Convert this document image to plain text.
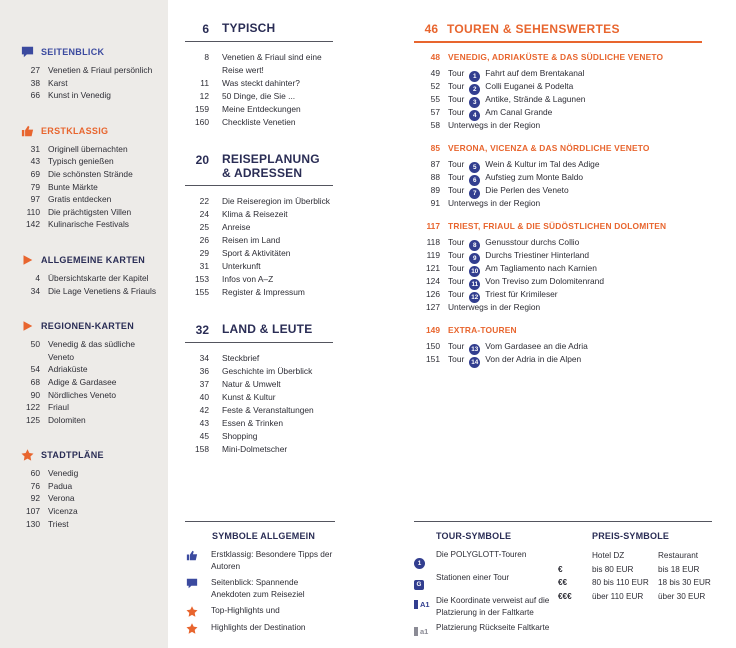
SEITENBLICK
27 Venetien & Friaul persönlich
38 Karst
66 Kunst in Venedig
ERSTKLASSIG
31 Originell übernachten
43 Typisch genießen
69 Die schönsten Strände
79 Bunte Märkte
97 Gratis entdecken
110 Die prächtigsten Villen
142 Kulinarische Festivals
ALLGEMEINE KARTEN
4 Übersichtskarte der Kapitel
34 Die Lage Venetiens & Friauls
REGIONEN-KARTEN
50 Venedig & das südliche Veneto
54 Adriaküste
68 Adige & Gardasee
90 Nördliches Veneto
122 Friaul
125 Dolomiten
STADTPLÄNE
60 Venedig
76 Padua
92 Verona
107 Vicenza
130 Triest
6 TYPISCH
8 Venetien & Friaul sind eine Reise wert!
11 Was steckt dahinter?
12 50 Dinge, die Sie ...
159 Meine Entdeckungen
160 Checkliste Venetien
20 REISEPLANUNG & ADRESSEN
22 Die Reiseregion im Überblick
24 Klima & Reisezeit
25 Anreise
26 Reisen im Land
29 Sport & Aktivitäten
31 Unterkunft
153 Infos von A–Z
155 Register & Impressum
32 LAND & LEUTE
34 Steckbrief
36 Geschichte im Überblick
37 Natur & Umwelt
40 Kunst & Kultur
42 Feste & Veranstaltungen
43 Essen & Trinken
45 Shopping
158 Mini-Dolmetscher
SYMBOLE ALLGEMEIN
Erstklassig: Besondere Tipps der Autoren
Seitenblick: Spannende Anekdoten zum Reiseziel
Top-Highlights und
Highlights der Destination
46 TOUREN & SEHENSWERTES
48 VENEDIG, ADRIAKÜSTE & DAS SÜDLICHE VENETO
49 Tour	1	Fahrt auf dem Brentakanal
52 Tour	2	Colli Euganei & Podelta
55 Tour	3	Antike, Strände & Lagunen
57 Tour	4	Am Canal Grande
58 Unterwegs in der Region
85 VERONA, VICENZA & DAS NÖRDLICHE VENETO
87 Tour	5	Wein & Kultur im Tal des Adige
88 Tour	6	Aufstieg zum Monte Baldo
89 Tour	7	Die Perlen des Veneto
91 Unterwegs in der Region
117 TRIEST, FRIAUL & DIE SÜDÖSTLICHEN DOLOMITEN
118 Tour	8	Genusstour durchs Collio
119 Tour	9	Durchs Triestiner Hinterland
121 Tour	10 Am Tagliamento nach Karnien
124 Tour	11 Von Treviso zum Dolomitenrand
126 Tour	12 Triest für Krimileser
127 Unterwegs in der Region
149 EXTRA-TOUREN
150 Tour	13 Vom Gardasee an die Adria
151 Tour	14 Von der Adria in die Alpen
TOUR-SYMBOLE
1
Die POLYGLOTT-Touren
G
Stationen einer Tour
A1 Die Koordinate verweist auf die Platzierung in der Faltkarte
a1 Platzierung Rückseite Faltkarte
PREIS-SYMBOLE
Hotel DZ	Restaurant
€	bis 80 EUR	bis 18 EUR
€€	80 bis 110 EUR	18 bis 30 EUR
€€€	über 110 EUR	über 30 EUR
